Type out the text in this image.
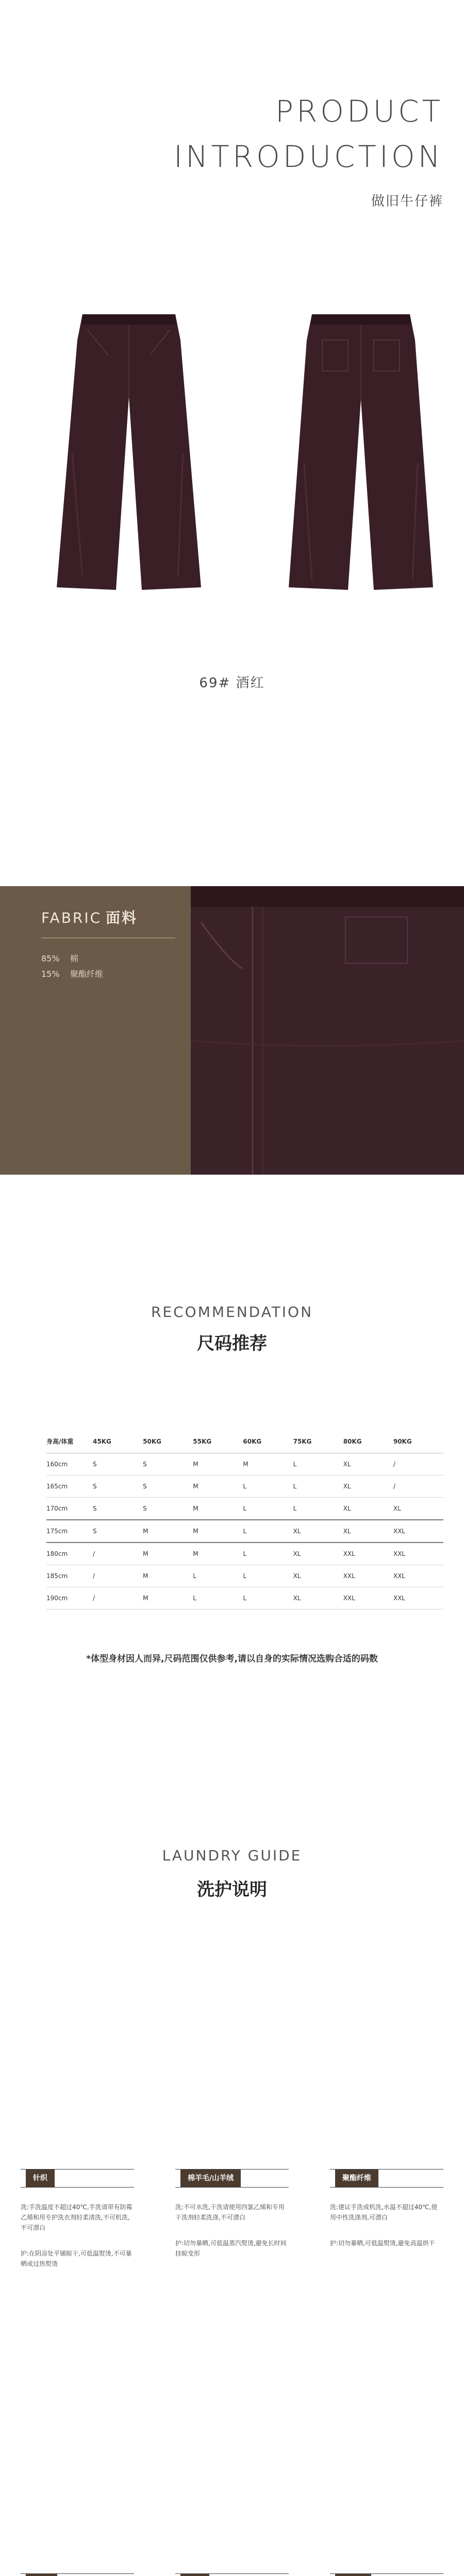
PRODUCT
INTRODUCTION
做旧牛仔裤
69# 酒红
FABRIC 面料
85% 棉
15% 聚酯纤维
RECOMMENDATION
尺码推荐
身高/体重	45KG	50KG	55KG	60KG	75KG	80KG	90KG
160cm	S	S	M	M	L	XL	/
165cm	S	S	M	L	L	XL	/
170cm	S	S	M	L	L	XL	XL
175cm	S	M	M	L	XL	XL	XXL
180cm	/	M	M	L	XL	XXL	XXL
185cm	/	M	L	L	XL	XXL	XXL
190cm	/	M	L	L	XL	XXL	XXL
*体型身材因人而异,尺码范围仅供参考,请以自身的实际情况选购合适的码数
LAUNDRY GUIDE
洗护说明
针织

洗:手洗温度不超过40℃,手洗请带有防霉乙烯和用专护洗衣剂轻柔清洗,不可机洗,不可漂白

护:在阴凉处平铺晾干,可低温熨烫,不可暴晒或过热熨烫

棉羊毛/山羊绒

洗:不可水洗,干洗请使用四氯乙烯和专用干洗剂轻柔洗涤,不可漂白

护:切勿暴晒,可低温蒸汽熨烫,避免长时间挂晾变形

聚酯纤维

洗:建议手洗或机洗,水温不超过40℃,使用中性洗涤剂,可漂白

护:切勿暴晒,可低温熨烫,避免高温烘干
